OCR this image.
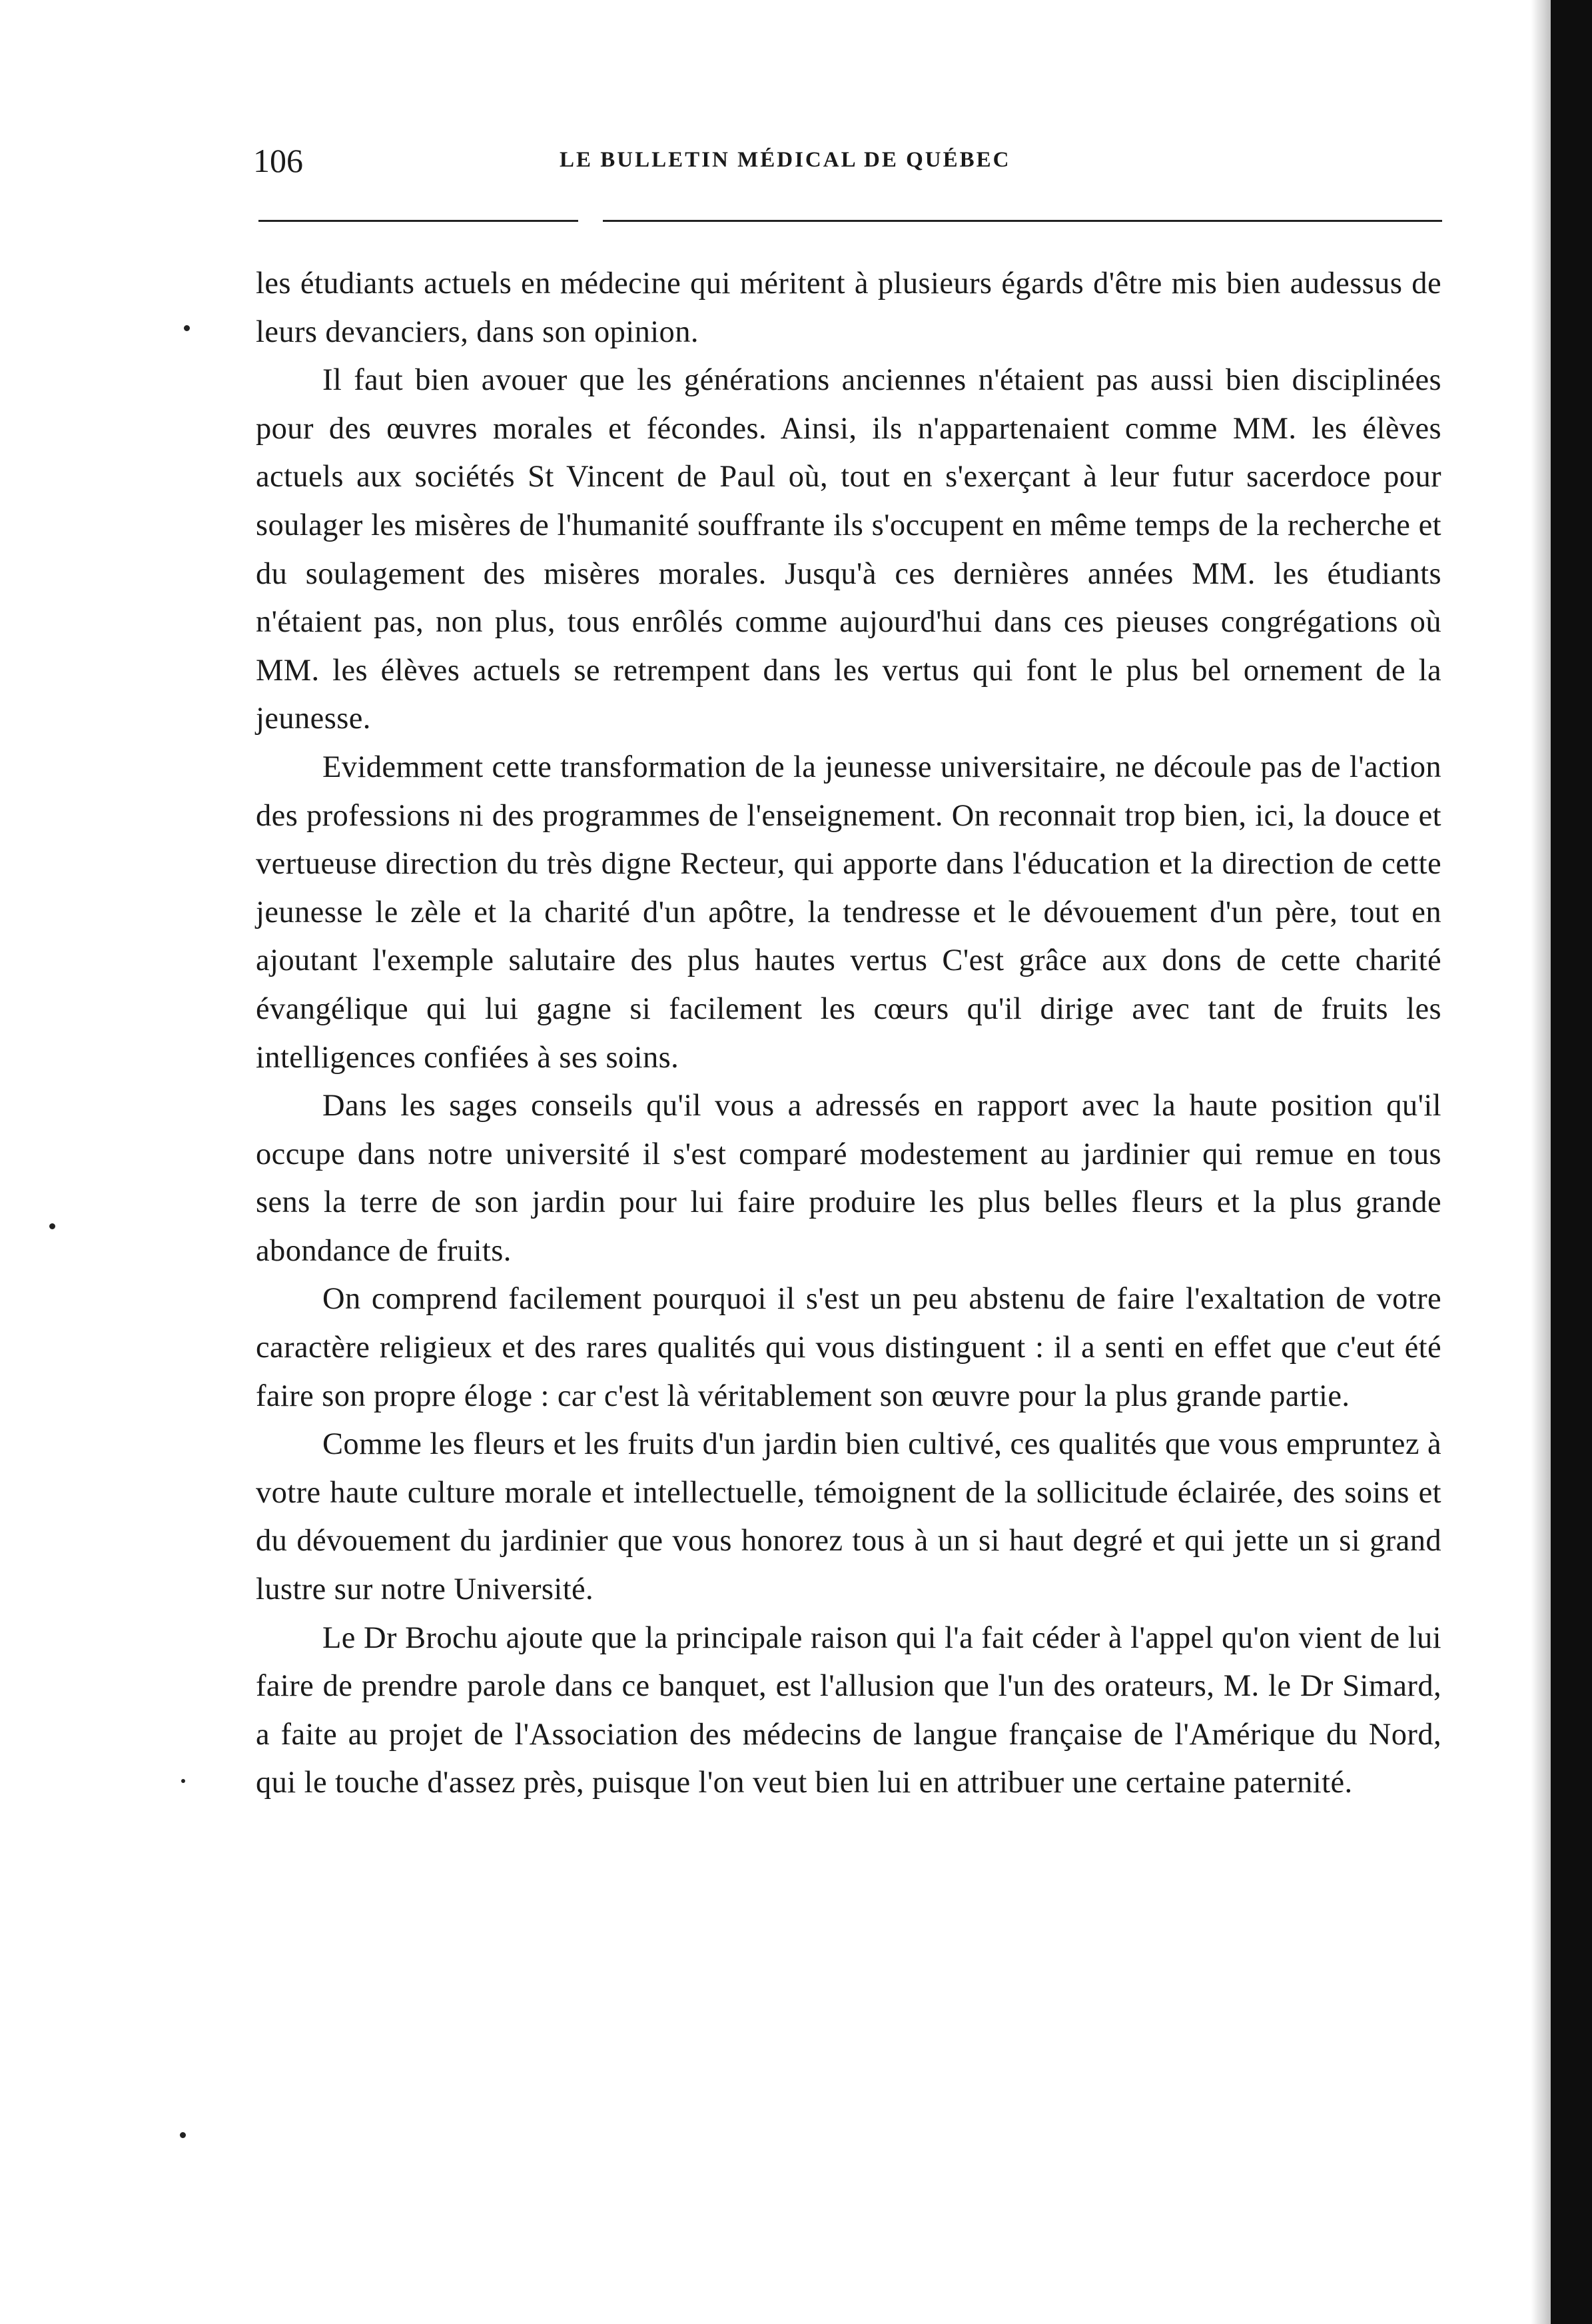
106	LE BULLETIN MÉDICAL DE QUÉBEC

les étudiants actuels en médecine qui méritent à plusieurs égards d'être mis bien audessus de leurs devanciers, dans son opinion.

Il faut bien avouer que les générations anciennes n'étaient pas aussi bien disciplinées pour des œuvres morales et fécondes. Ainsi, ils n'appartenaient comme MM. les élèves actuels aux sociétés St Vincent de Paul où, tout en s'exerçant à leur futur sacerdoce pour soulager les misères de l'humanité souffrante ils s'occupent en même temps de la recherche et du soulagement des misères morales. Jusqu'à ces dernières années MM. les étudiants n'étaient pas, non plus, tous enrôlés comme aujourd'hui dans ces pieuses congrégations où MM. les élèves actuels se retrempent dans les vertus qui font le plus bel ornement de la jeunesse.

Evidemment cette transformation de la jeunesse universitaire, ne découle pas de l'action des professions ni des programmes de l'enseignement. On reconnait trop bien, ici, la douce et vertueuse direction du très digne Recteur, qui apporte dans l'éducation et la direction de cette jeunesse le zèle et la charité d'un apôtre, la tendresse et le dévouement d'un père, tout en ajoutant l'exemple salutaire des plus hautes vertus C'est grâce aux dons de cette charité évangélique qui lui gagne si facilement les cœurs qu'il dirige avec tant de fruits les intelligences confiées à ses soins.

Dans les sages conseils qu'il vous a adressés en rapport avec la haute position qu'il occupe dans notre université il s'est comparé modestement au jardinier qui remue en tous sens la terre de son jardin pour lui faire produire les plus belles fleurs et la plus grande abondance de fruits.

On comprend facilement pourquoi il s'est un peu abstenu de faire l'exaltation de votre caractère religieux et des rares qualités qui vous distinguent : il a senti en effet que c'eut été faire son propre éloge : car c'est là véritablement son œuvre pour la plus grande partie.

Comme les fleurs et les fruits d'un jardin bien cultivé, ces qualités que vous empruntez à votre haute culture morale et intellectuelle, témoignent de la sollicitude éclairée, des soins et du dévouement du jardinier que vous honorez tous à un si haut degré et qui jette un si grand lustre sur notre Université.

Le Dr Brochu ajoute que la principale raison qui l'a fait céder à l'appel qu'on vient de lui faire de prendre parole dans ce banquet, est l'allusion que l'un des orateurs, M. le Dr Simard, a faite au projet de l'Association des médecins de langue française de l'Amérique du Nord, qui le touche d'assez près, puisque l'on veut bien lui en attribuer une certaine paternité.
